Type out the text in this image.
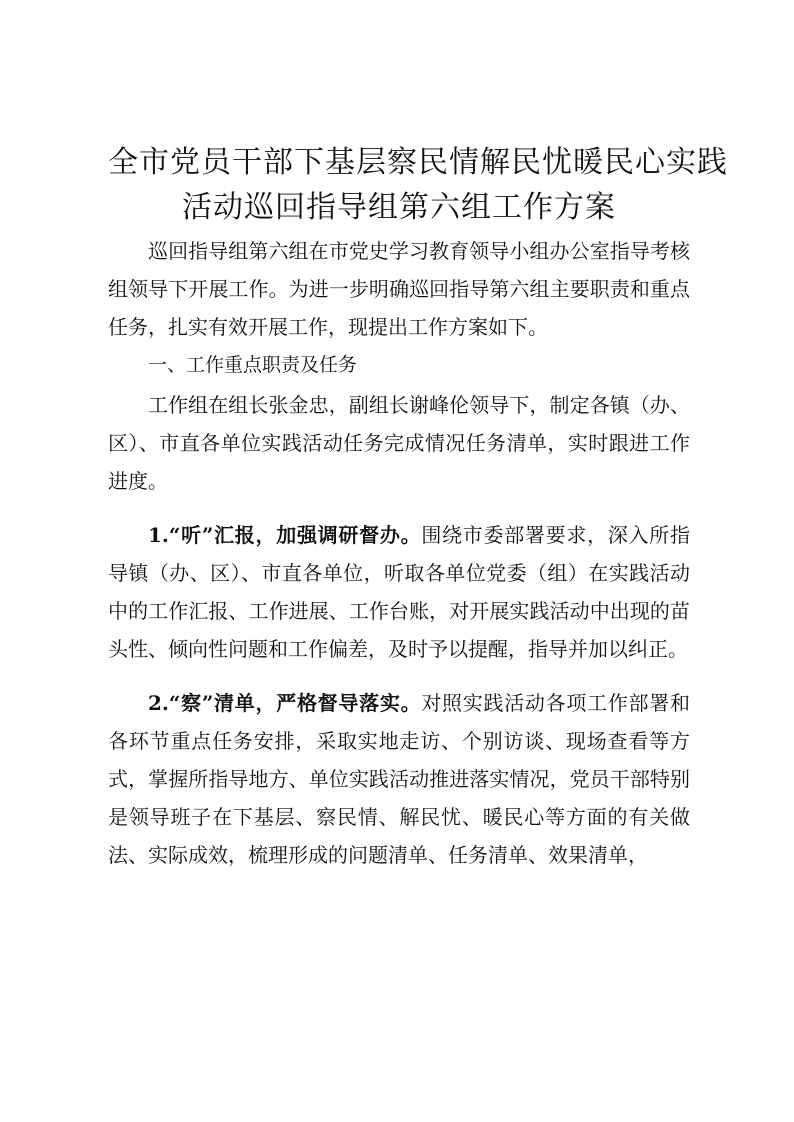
全市党员干部下基层察民情解民忧暖民心实践
活动巡回指导组第六组工作方案

巡回指导组第六组在市党史学习教育领导小组办公室指导考核组领导下开展工作。为进一步明确巡回指导第六组主要职责和重点任务，扎实有效开展工作，现提出工作方案如下。

一、工作重点职责及任务

工作组在组长张金忠，副组长谢峰伦领导下，制定各镇（办、区）、市直各单位实践活动任务完成情况任务清单，实时跟进工作进度。

1.“听”汇报，加强调研督办。围绕市委部署要求，深入所指导镇（办、区）、市直各单位，听取各单位党委（组）在实践活动中的工作汇报、工作进展、工作台账，对开展实践活动中出现的苗头性、倾向性问题和工作偏差，及时予以提醒，指导并加以纠正。

2.“察”清单，严格督导落实。对照实践活动各项工作部署和各环节重点任务安排，采取实地走访、个别访谈、现场查看等方式，掌握所指导地方、单位实践活动推进落实情况，党员干部特别是领导班子在下基层、察民情、解民忧、暖民心等方面的有关做法、实际成效，梳理形成的问题清单、任务清单、效果清单，
